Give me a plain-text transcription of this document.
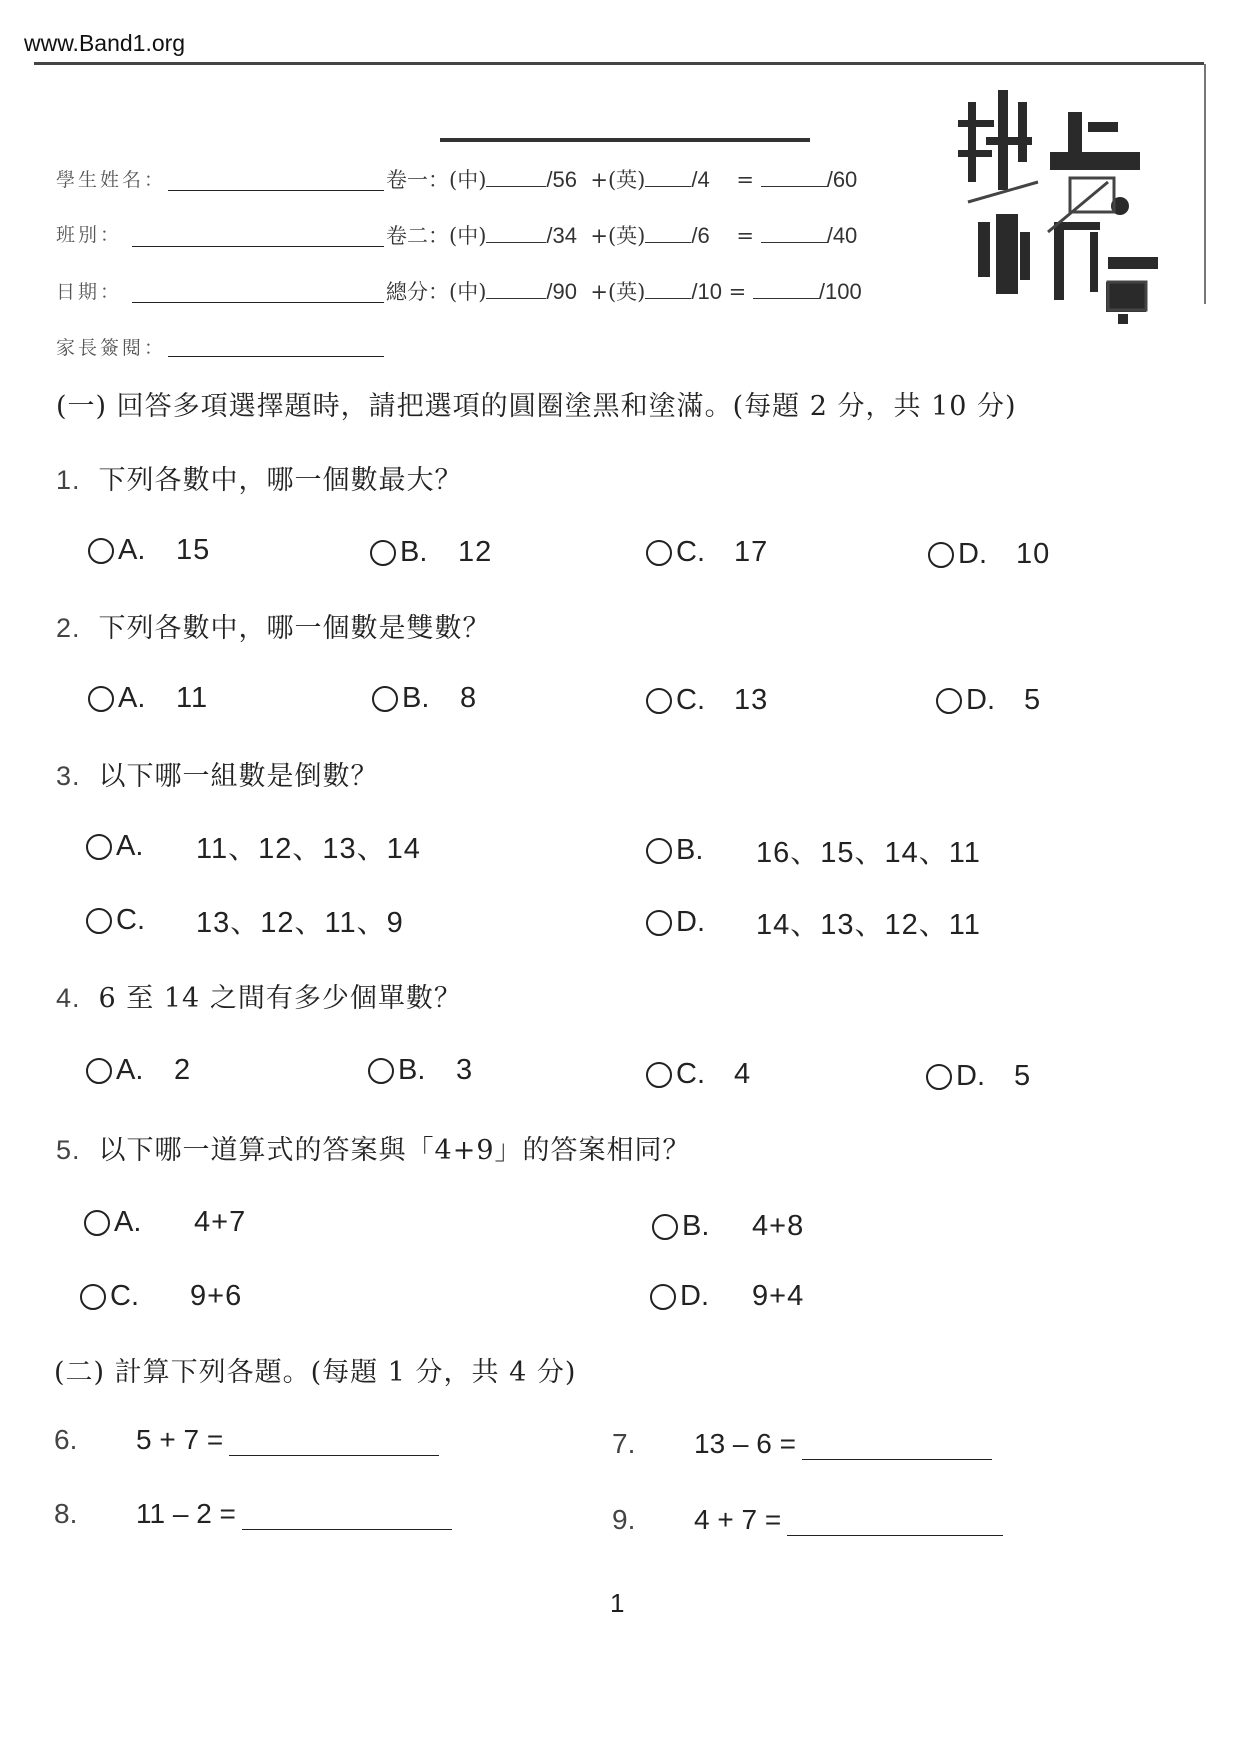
www.Band1.org
學生姓名：
班別：
日期：
家長簽閱：
卷一：(中)	/56 +(英) /4 =	/60
卷二：(中)	/34 +(英) /6 =	/40
總分：(中)	/90 +(英) /10 =	/100
(一) 回答多項選擇題時，請把選項的圓圈塗黑和塗滿。(每題 2 分，共 10 分)
1. 下列各數中，哪一個數最大？
A.	15	B.	12	C.	17	D.	10
2. 下列各數中，哪一個數是雙數？
A.	11	B.	8	C.	13	D.	5
3. 以下哪一組數是倒數？
A.	11、12、13、14	B.	16、15、14、11
C.	13、12、11、9	D.	14、13、12、11
4. 6 至 14 之間有多少個單數？
A.	2	B.	3	C.	4	D.	5
5. 以下哪一道算式的答案與「4+9」的答案相同？
A.	4+7	B.	4+8
C.	9+6	D.	9+4
(二) 計算下列各題。(每題 1 分，共 4 分)
6.	5 + 7 =	7.	13 – 6 =
8.	11 – 2 =	9.	4 + 7 =
1
